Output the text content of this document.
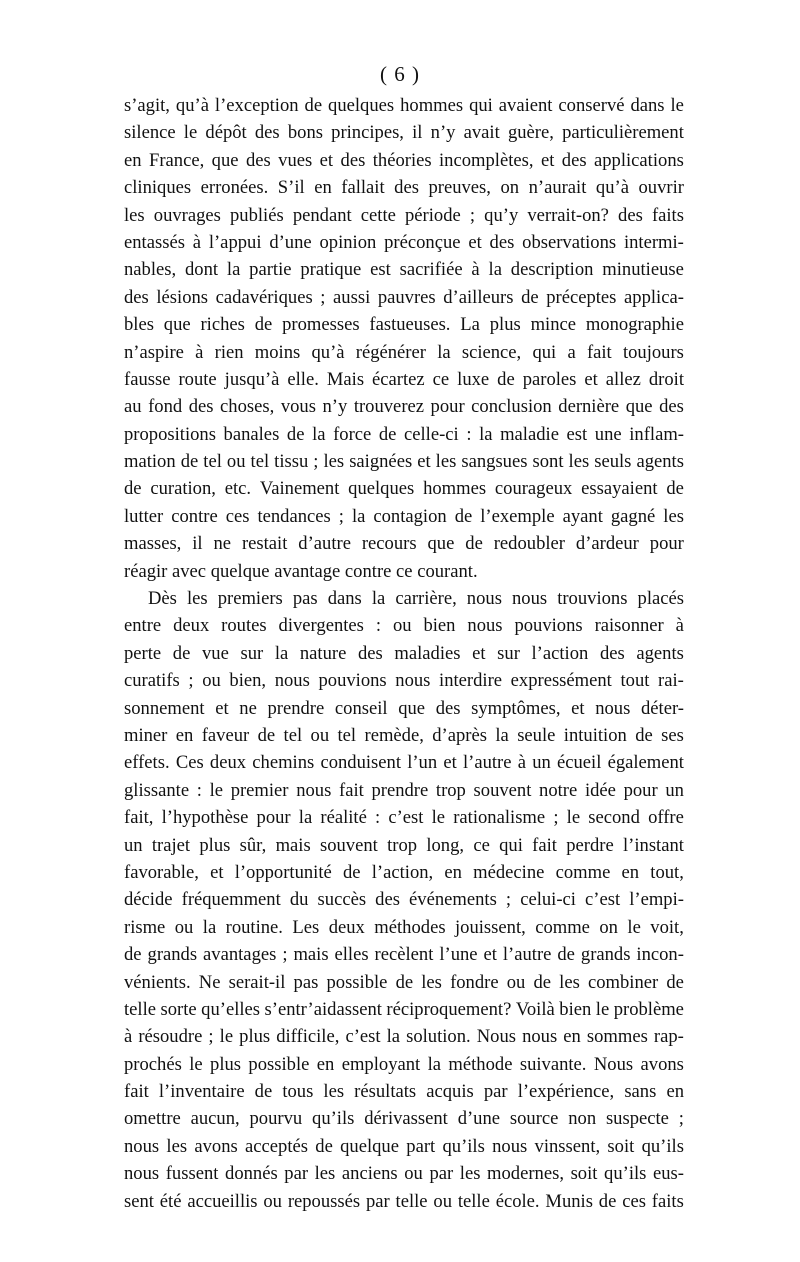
( 6 )
s’agit, qu’à l’exception de quelques hommes qui avaient conservé dans le
silence le dépôt des bons principes, il n’y avait guère, particulièrement
en France, que des vues et des théories incomplètes, et des applications
cliniques erronées. S’il en fallait des preuves, on n’aurait qu’à ouvrir
les ouvrages publiés pendant cette période ; qu’y verrait-on? des faits
entassés à l’appui d’une opinion préconçue et des observations intermi-
nables, dont la partie pratique est sacrifiée à la description minutieuse
des lésions cadavériques ; aussi pauvres d’ailleurs de préceptes applica-
bles que riches de promesses fastueuses. La plus mince monographie
n’aspire à rien moins qu’à régénérer la science, qui a fait toujours
fausse route jusqu’à elle. Mais écartez ce luxe de paroles et allez droit
au fond des choses, vous n’y trouverez pour conclusion dernière que des
propositions banales de la force de celle-ci : la maladie est une inflam-
mation de tel ou tel tissu ; les saignées et les sangsues sont les seuls agents
de curation, etc. Vainement quelques hommes courageux essayaient de
lutter contre ces tendances ; la contagion de l’exemple ayant gagné les
masses, il ne restait d’autre recours que de redoubler d’ardeur pour
réagir avec quelque avantage contre ce courant.
Dès les premiers pas dans la carrière, nous nous trouvions placés
entre deux routes divergentes : ou bien nous pouvions raisonner à
perte de vue sur la nature des maladies et sur l’action des agents
curatifs ; ou bien, nous pouvions nous interdire expressément tout rai-
sonnement et ne prendre conseil que des symptômes, et nous déter-
miner en faveur de tel ou tel remède, d’après la seule intuition de ses
effets. Ces deux chemins conduisent l’un et l’autre à un écueil également
glissante : le premier nous fait prendre trop souvent notre idée pour un
fait, l’hypothèse pour la réalité : c’est le rationalisme ; le second offre
un trajet plus sûr, mais souvent trop long, ce qui fait perdre l’instant
favorable, et l’opportunité de l’action, en médecine comme en tout,
décide fréquemment du succès des événements ; celui-ci c’est l’empi-
risme ou la routine. Les deux méthodes jouissent, comme on le voit,
de grands avantages ; mais elles recèlent l’une et l’autre de grands incon-
vénients. Ne serait-il pas possible de les fondre ou de les combiner de
telle sorte qu’elles s’entr’aidassent réciproquement? Voilà bien le problème
à résoudre ; le plus difficile, c’est la solution. Nous nous en sommes rap-
prochés le plus possible en employant la méthode suivante. Nous avons
fait l’inventaire de tous les résultats acquis par l’expérience, sans en
omettre aucun, pourvu qu’ils dérivassent d’une source non suspecte ;
nous les avons acceptés de quelque part qu’ils nous vinssent, soit qu’ils
nous fussent donnés par les anciens ou par les modernes, soit qu’ils eus-
sent été accueillis ou repoussés par telle ou telle école. Munis de ces faits
